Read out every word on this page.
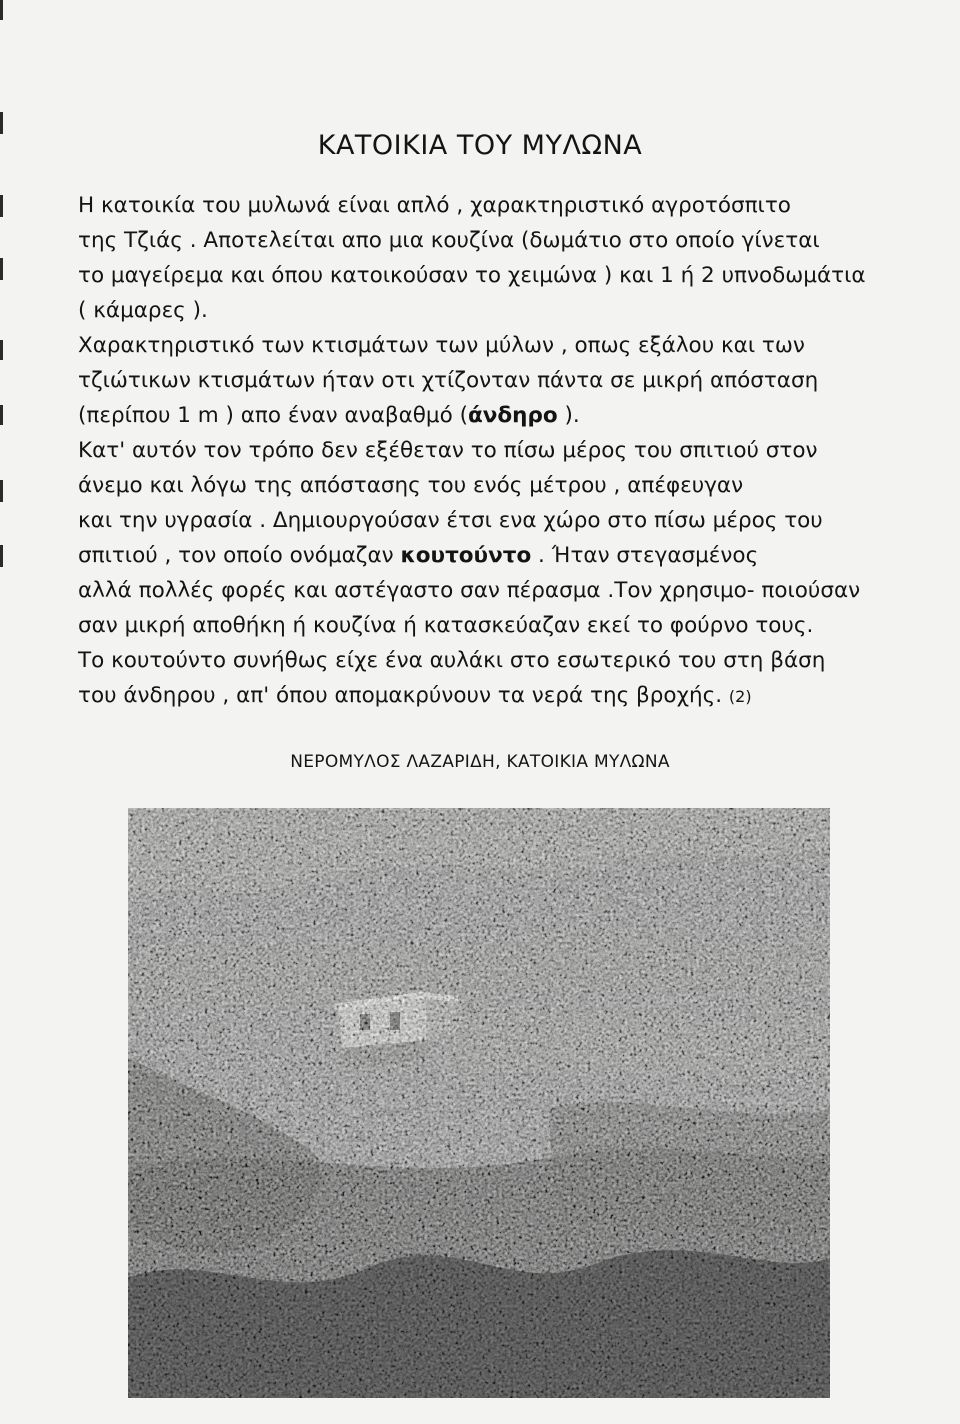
ΚΑΤΟΙΚΙΑ ΤΟΥ ΜΥΛΩΝΑ
Η κατοικία του μυλωνά είναι απλό , χαρακτηριστικό αγροτόσπιτο
της Τζιάς . Αποτελείται απο μια κουζίνα (δωμάτιο στο οποίο γίνεται
το μαγείρεμα και όπου κατοικούσαν το χειμώνα ) και 1 ή 2 υπνοδωμάτια
( κάμαρες ).
Χαρακτηριστικό των κτισμάτων των μύλων , οπως εξάλου και των
τζιώτικων κτισμάτων ήταν οτι χτίζονταν πάντα σε μικρή απόσταση
(περίπου 1 m ) απο έναν αναβαθμό (άνδηρο ).
Κατ' αυτόν τον τρόπο δεν εξέθεταν το πίσω μέρος του σπιτιού στον
άνεμο και λόγω της απόστασης του ενός μέτρου , απέφευγαν
και την υγρασία . Δημιουργούσαν έτσι ενα χώρο στο πίσω μέρος του
σπιτιού , τον οποίο ονόμαζαν κουτούντο . Ήταν στεγασμένος
αλλά πολλές φορές και αστέγαστο σαν πέρασμα .Τον χρησιμο- ποιούσαν
σαν μικρή αποθήκη ή κουζίνα ή κατασκεύαζαν εκεί το φούρνο τους.
Το κουτούντο συνήθως είχε ένα αυλάκι στο εσωτερικό του στη βάση
του άνδηρου , απ' όπου απομακρύνουν τα νερά της βροχής. (2)
ΝΕΡΟΜΥΛΟΣ ΛΑΖΑΡΙΔΗ, ΚΑΤΟΙΚΙΑ ΜΥΛΩΝΑ
